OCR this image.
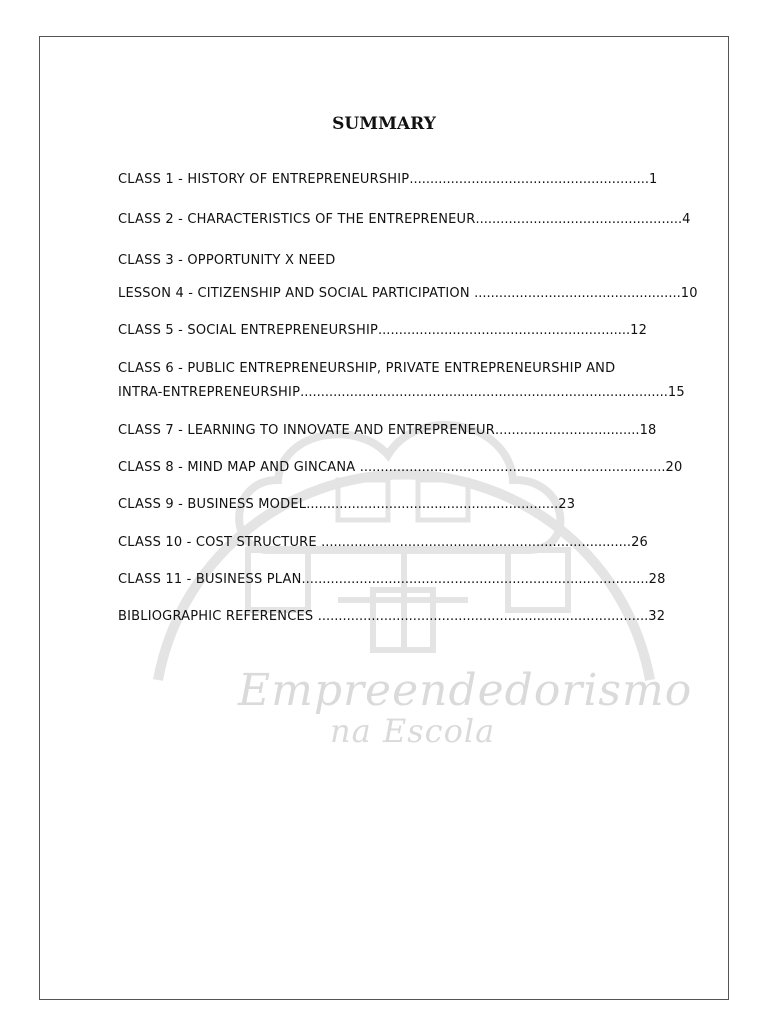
Empreendedorismo
na Escola
SUMMARY
CLASS 1 - HISTORY OF ENTREPRENEURSHIP..........................................................1
CLASS 2 - CHARACTERISTICS OF THE ENTREPRENEUR..................................................4
CLASS 3 - OPPORTUNITY X NEED
LESSON 4 - CITIZENSHIP AND SOCIAL PARTICIPATION ..................................................10
CLASS 5 - SOCIAL ENTREPRENEURSHIP.............................................................12
CLASS 6 - PUBLIC ENTREPRENEURSHIP, PRIVATE ENTREPRENEURSHIP AND
INTRA-ENTREPRENEURSHIP.........................................................................................15
CLASS 7 - LEARNING TO INNOVATE AND ENTREPRENEUR...................................18
CLASS 8 - MIND MAP AND GINCANA ..........................................................................20
CLASS 9 - BUSINESS MODEL.............................................................23
CLASS 10 - COST STRUCTURE ...........................................................................26
CLASS 11 - BUSINESS PLAN....................................................................................28
BIBLIOGRAPHIC REFERENCES ................................................................................32
